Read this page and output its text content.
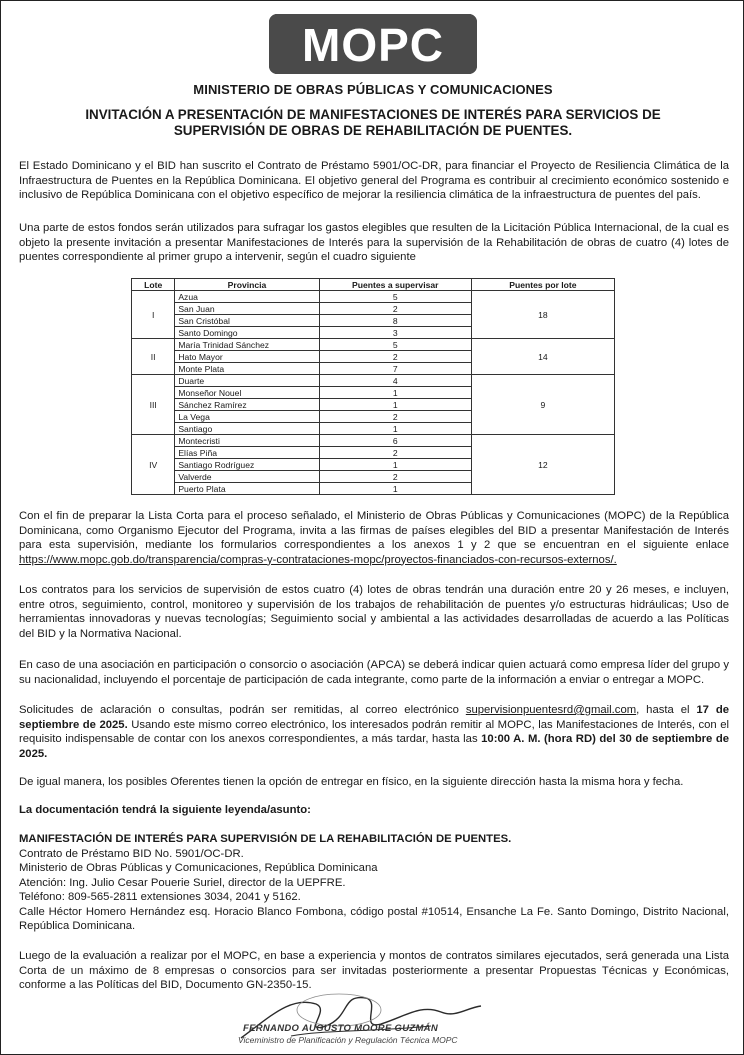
MOPC
MINISTERIO DE OBRAS PÚBLICAS Y COMUNICACIONES
INVITACIÓN A PRESENTACIÓN DE MANIFESTACIONES DE INTERÉS PARA SERVICIOS DE
SUPERVISIÓN DE OBRAS DE REHABILITACIÓN DE PUENTES.
El Estado Dominicano y el BID han suscrito el Contrato de Préstamo 5901/OC-DR, para financiar el Proyecto de Resiliencia Climática de la Infraestructura de Puentes en la República Dominicana. El objetivo general del Programa es contribuir al crecimiento económico sostenido e inclusivo de República Dominicana con el objetivo específico de mejorar la resiliencia climática de la infraestructura de puentes del país.
Una parte de estos fondos serán utilizados para sufragar los gastos elegibles que resulten de la Licitación Pública Internacional, de la cual es objeto la presente invitación a presentar Manifestaciones de Interés para la supervisión de la Rehabilitación de obras de cuatro (4) lotes de puentes correspondiente al primer grupo a intervenir, según el cuadro siguiente
Lote	Provincia	Puentes a supervisar	Puentes por lote
I	Azua	5	18
	San Juan	2	
	San Cristóbal	8	
	Santo Domingo	3	
II	María Trinidad Sánchez	5	14
	Hato Mayor	2	
	Monte Plata	7	
III	Duarte	4	9
	Monseñor Nouel	1	
	Sánchez Ramírez	1	
	La Vega	2	
	Santiago	1	
IV	Montecristi	6	12
	Elías Piña	2	
	Santiago Rodríguez	1	
	Valverde	2	
	Puerto Plata	1	
Con el fin de preparar la Lista Corta para el proceso señalado, el Ministerio de Obras Públicas y Comunicaciones (MOPC) de la República Dominicana, como Organismo Ejecutor del Programa, invita a las firmas de países elegibles del BID a presentar Manifestación de Interés para esta supervisión, mediante los formularios correspondientes a los anexos 1 y 2 que se encuentran en el siguiente enlace https://www.mopc.gob.do/transparencia/compras-y-contrataciones-mopc/proyectos-financiados-con-recursos-externos/.
Los contratos para los servicios de supervisión de estos cuatro (4) lotes de obras tendrán una duración entre 20 y 26 meses, e incluyen, entre otros, seguimiento, control, monitoreo y supervisión de los trabajos de rehabilitación de puentes y/o estructuras hidráulicas; Uso de herramientas innovadoras y nuevas tecnologías; Seguimiento social y ambiental a las actividades desarrolladas de acuerdo a las Políticas del BID y la Normativa Nacional.
En caso de una asociación en participación o consorcio o asociación (APCA) se deberá indicar quien actuará como empresa líder del grupo y su nacionalidad, incluyendo el porcentaje de participación de cada integrante, como parte de la información a enviar o entregar a MOPC.
Solicitudes de aclaración o consultas, podrán ser remitidas, al correo electrónico supervisionpuentesrd@gmail.com, hasta el 17 de septiembre de 2025. Usando este mismo correo electrónico, los interesados podrán remitir al MOPC, las Manifestaciones de Interés, con el requisito indispensable de contar con los anexos correspondientes, a más tardar, hasta las 10:00 A. M. (hora RD) del 30 de septiembre de 2025.
De igual manera, los posibles Oferentes tienen la opción de entregar en físico, en la siguiente dirección hasta la misma hora y fecha.
La documentación tendrá la siguiente leyenda/asunto:
MANIFESTACIÓN DE INTERÉS PARA SUPERVISIÓN DE LA REHABILITACIÓN DE PUENTES.
Contrato de Préstamo BID No. 5901/OC-DR.
Ministerio de Obras Públicas y Comunicaciones, República Dominicana
Atención: Ing. Julio Cesar Pouerie Suriel, director de la UEPFRE.
Teléfono: 809-565-2811 extensiones 3034, 2041 y 5162.
Calle Héctor Homero Hernández esq. Horacio Blanco Fombona, código postal #10514, Ensanche La Fe. Santo Domingo, Distrito Nacional, República Dominicana.
Luego de la evaluación a realizar por el MOPC, en base a experiencia y montos de contratos similares ejecutados, será generada una Lista Corta de un máximo de 8 empresas o consorcios para ser invitadas posteriormente a presentar Propuestas Técnicas y Económicas, conforme a las Políticas del BID, Documento GN-2350-15.
FERNANDO AUGUSTO MOORE GUZMÁN
Viceministro de Planificación y Regulación Técnica MOPC
